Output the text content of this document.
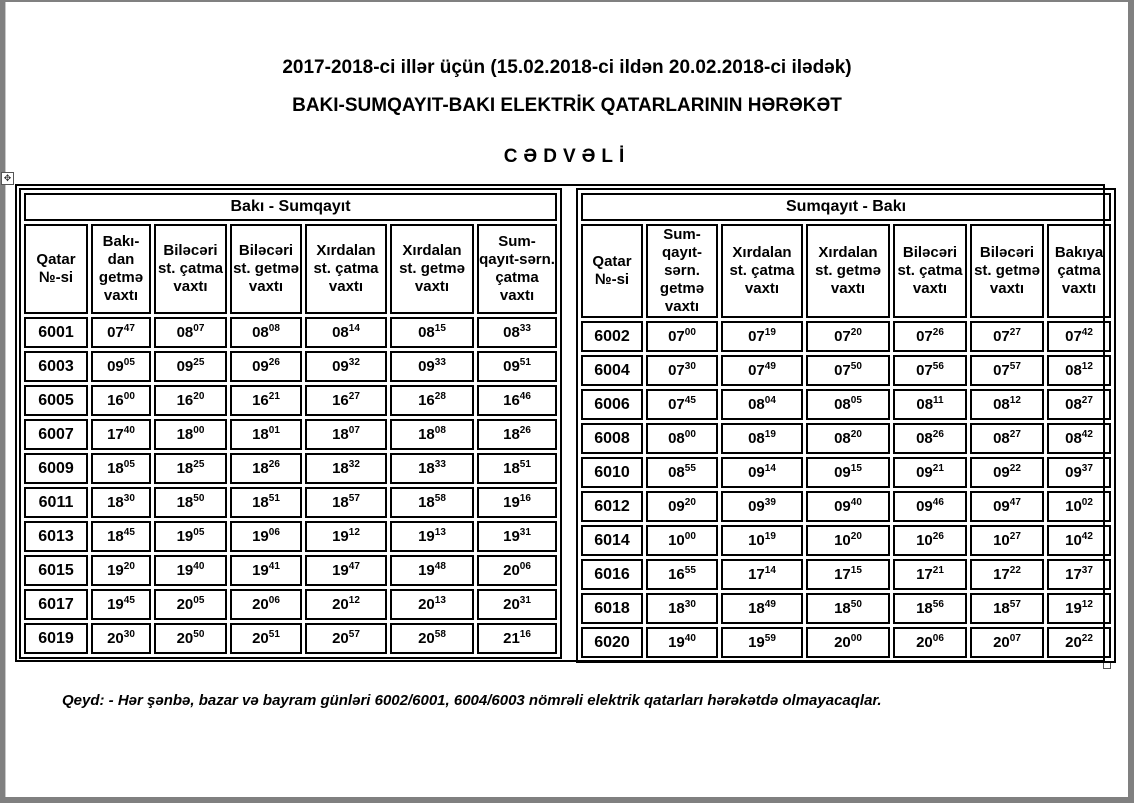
2017-2018-ci illər üçün (15.02.2018-ci ildən 20.02.2018-ci ilədək)
BAKI-SUMQAYIT-BAKI ELEKTRİK QATARLARININ HƏRƏKƏT
CƏDVƏLİ
✥
Bakı - Sumqayıt						
Qatar №-si	Bakı-dan getmə vaxtı	Biləcəri st. çatma vaxtı	Biləcəri st. getmə vaxtı	Xırdalan st. çatma vaxtı	Xırdalan st. getmə vaxtı	Sum-qayıt-sərn. çatma vaxtı
6001	$07^{47}$	$08^{07}$	$08^{08}$	$08^{14}$	$08^{15}$	$08^{33}$
6003	$09^{05}$	$09^{25}$	$09^{26}$	$09^{32}$	$09^{33}$	$09^{51}$
6005	$16^{00}$	$16^{20}$	$16^{21}$	$16^{27}$	$16^{28}$	$16^{46}$
6007	$17^{40}$	$18^{00}$	$18^{01}$	$18^{07}$	$18^{08}$	$18^{26}$
6009	$18^{05}$	$18^{25}$	$18^{26}$	$18^{32}$	$18^{33}$	$18^{51}$
6011	$18^{30}$	$18^{50}$	$18^{51}$	$18^{57}$	$18^{58}$	$19^{16}$
6013	$18^{45}$	$19^{05}$	$19^{06}$	$19^{12}$	$19^{13}$	$19^{31}$
6015	$19^{20}$	$19^{40}$	$19^{41}$	$19^{47}$	$19^{48}$	$20^{06}$
6017	$19^{45}$	$20^{05}$	$20^{06}$	$20^{12}$	$20^{13}$	$20^{31}$
6019	$20^{30}$	$20^{50}$	$20^{51}$	$20^{57}$	$20^{58}$	$21^{16}$
Sumqayıt - Bakı						
Qatar №-si	Sum-qayıt-sərn. getmə vaxtı	Xırdalan st. çatma vaxtı	Xırdalan st. getmə vaxtı	Biləcəri st. çatma vaxtı	Biləcəri st. getmə vaxtı	Bakıya çatma vaxtı
6002	$07^{00}$	$07^{19}$	$07^{20}$	$07^{26}$	$07^{27}$	$07^{42}$
6004	$07^{30}$	$07^{49}$	$07^{50}$	$07^{56}$	$07^{57}$	$08^{12}$
6006	$07^{45}$	$08^{04}$	$08^{05}$	$08^{11}$	$08^{12}$	$08^{27}$
6008	$08^{00}$	$08^{19}$	$08^{20}$	$08^{26}$	$08^{27}$	$08^{42}$
6010	$08^{55}$	$09^{14}$	$09^{15}$	$09^{21}$	$09^{22}$	$09^{37}$
6012	$09^{20}$	$09^{39}$	$09^{40}$	$09^{46}$	$09^{47}$	$10^{02}$
6014	$10^{00}$	$10^{19}$	$10^{20}$	$10^{26}$	$10^{27}$	$10^{42}$
6016	$16^{55}$	$17^{14}$	$17^{15}$	$17^{21}$	$17^{22}$	$17^{37}$
6018	$18^{30}$	$18^{49}$	$18^{50}$	$18^{56}$	$18^{57}$	$19^{12}$
6020	$19^{40}$	$19^{59}$	$20^{00}$	$20^{06}$	$20^{07}$	$20^{22}$
Qeyd: - Hər şənbə, bazar və bayram günləri 6002/6001, 6004/6003 nömrəli elektrik qatarları hərəkətdə olmayacaqlar.
